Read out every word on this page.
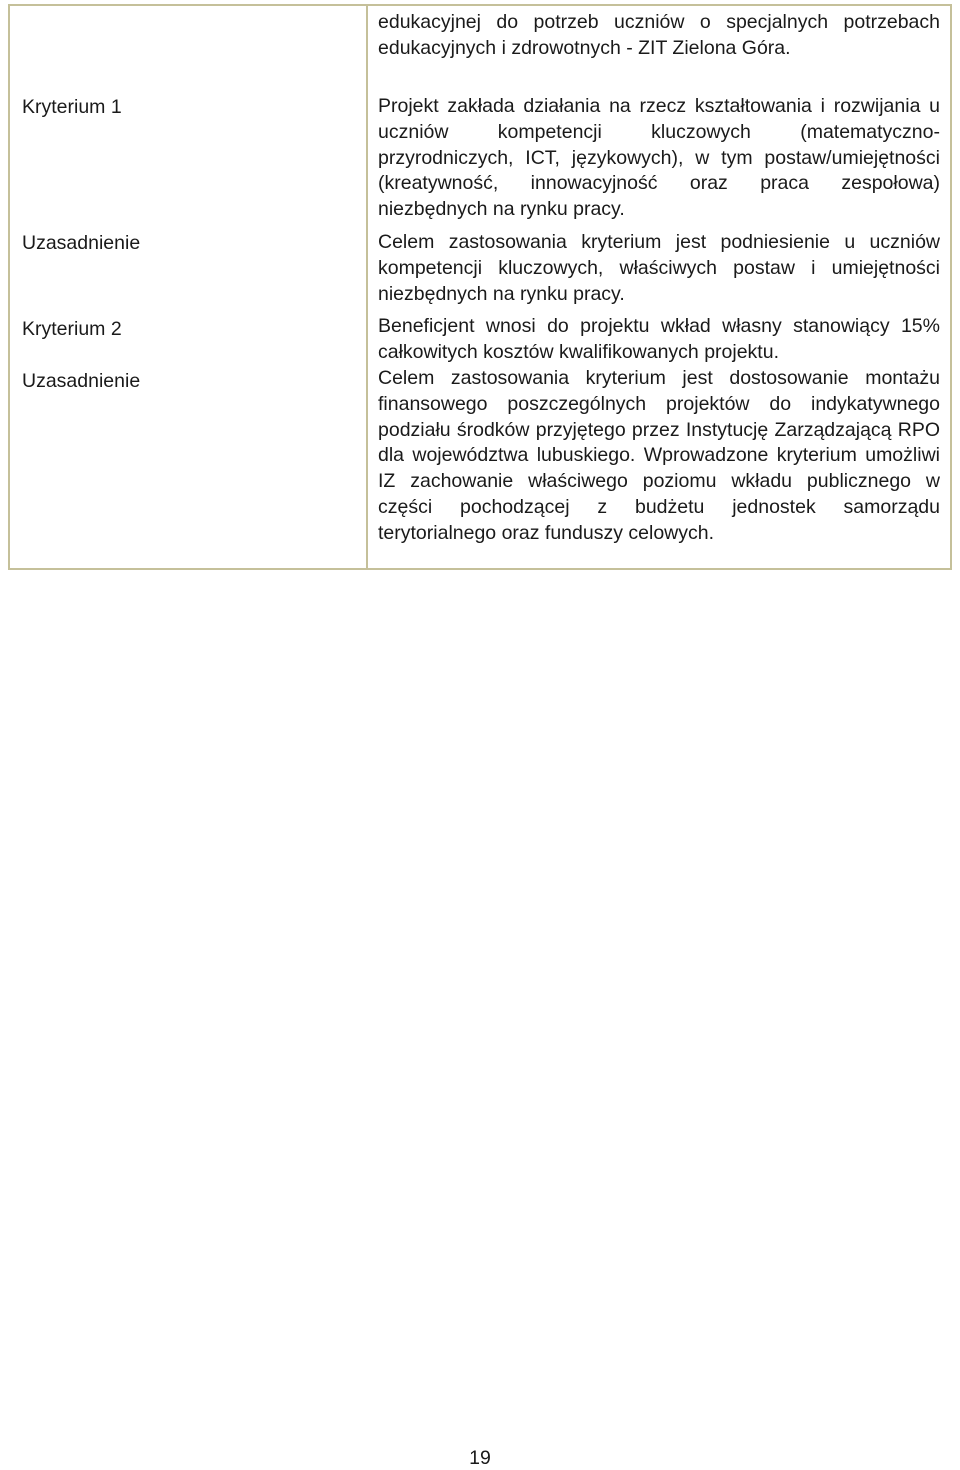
edukacyjnej do potrzeb uczniów o specjalnych potrzebach edukacyjnych i zdrowotnych - ZIT Zielona Góra.
Kryterium 1	Projekt zakłada działania na rzecz kształtowania i rozwijania u uczniów kompetencji kluczowych (matematyczno-przyrodniczych, ICT, językowych), w tym postaw/umiejętności (kreatywność, innowacyjność oraz praca zespołowa) niezbędnych na rynku pracy.
Uzasadnienie	Celem zastosowania kryterium jest podniesienie u uczniów kompetencji kluczowych, właściwych postaw i umiejętności niezbędnych na rynku pracy.
Kryterium 2	Beneficjent wnosi do projektu wkład własny stanowiący 15% całkowitych kosztów kwalifikowanych projektu.
Uzasadnienie	Celem zastosowania kryterium jest dostosowanie montażu finansowego poszczególnych projektów do indykatywnego podziału środków przyjętego przez Instytucję Zarządzającą RPO dla województwa lubuskiego. Wprowadzone kryterium umożliwi IZ zachowanie właściwego poziomu wkładu publicznego w części pochodzącej z budżetu jednostek samorządu terytorialnego oraz funduszy celowych.
19
